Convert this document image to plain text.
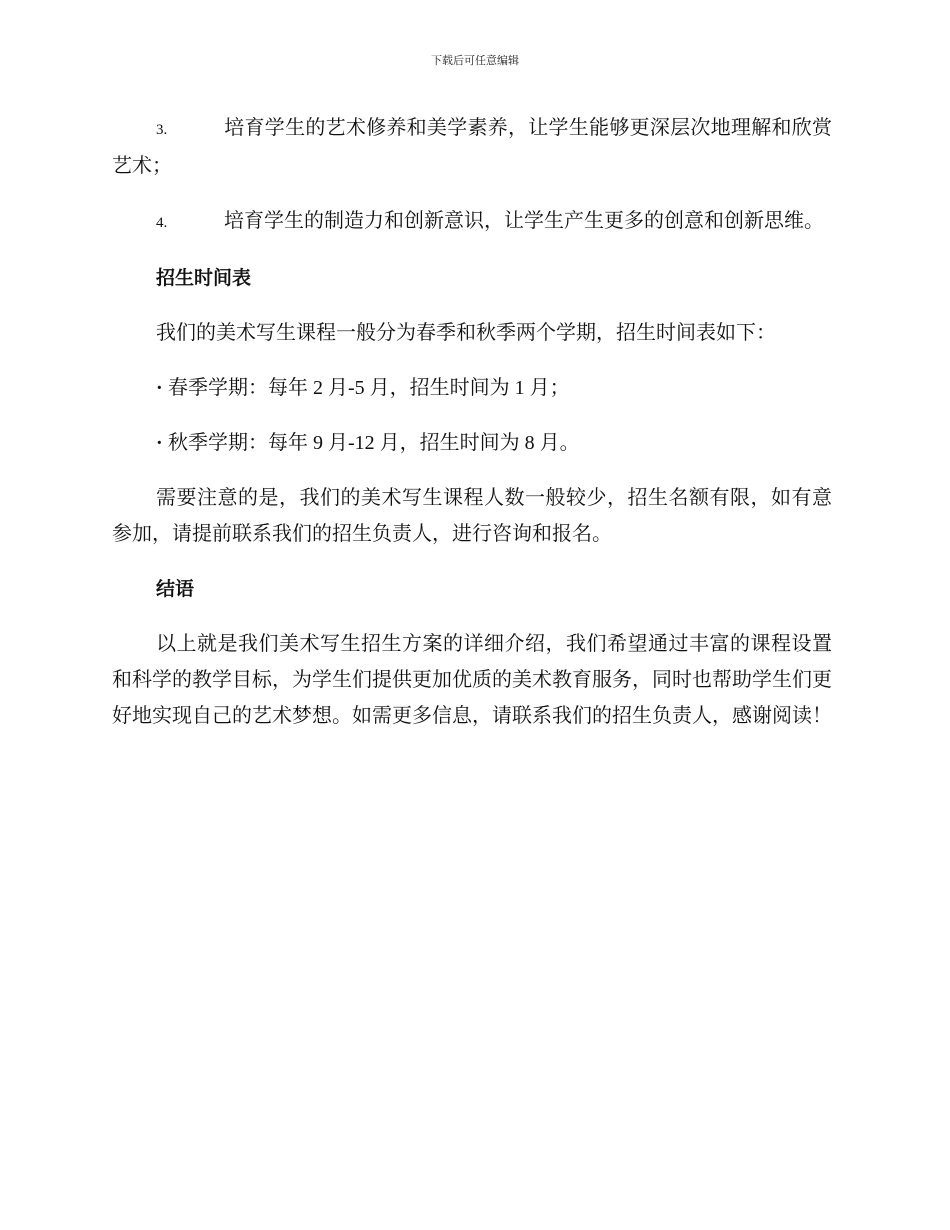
下载后可任意编辑

3.	培育学生的艺术修养和美学素养，让学生能够更深层次地理解和欣赏艺术；

4.	培育学生的制造力和创新意识，让学生产生更多的创意和创新思维。

招生时间表

我们的美术写生课程一般分为春季和秋季两个学期，招生时间表如下：

· 春季学期：每年 2 月-5 月，招生时间为 1 月；

· 秋季学期：每年 9 月-12 月，招生时间为 8 月。

需要注意的是，我们的美术写生课程人数一般较少，招生名额有限，如有意参加，请提前联系我们的招生负责人，进行咨询和报名。

结语

以上就是我们美术写生招生方案的详细介绍，我们希望通过丰富的课程设置和科学的教学目标，为学生们提供更加优质的美术教育服务，同时也帮助学生们更好地实现自己的艺术梦想。如需更多信息，请联系我们的招生负责人，感谢阅读！
